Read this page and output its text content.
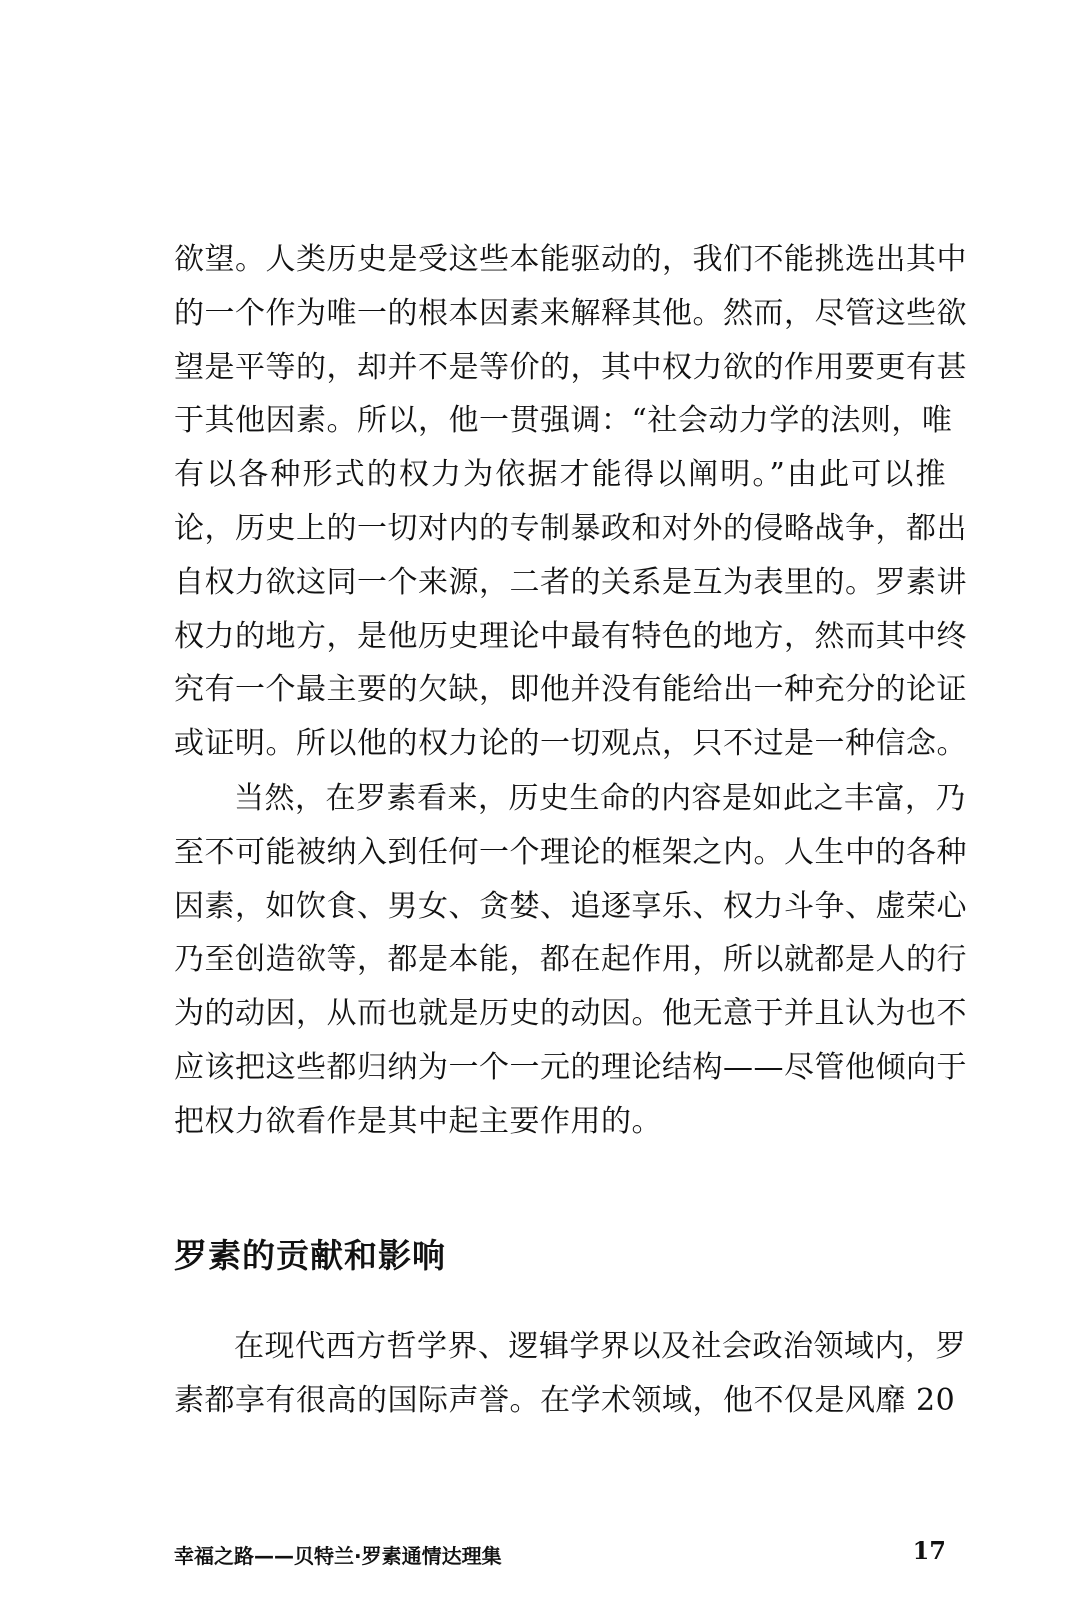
欲望。人类历史是受这些本能驱动的，我们不能挑选出其中
的一个作为唯一的根本因素来解释其他。然而，尽管这些欲
望是平等的，却并不是等价的，其中权力欲的作用要更有甚
于其他因素。所以，他一贯强调：“社会动力学的法则，唯
有以各种形式的权力为依据才能得以阐明。”由此可以推
论，历史上的一切对内的专制暴政和对外的侵略战争，都出
自权力欲这同一个来源，二者的关系是互为表里的。罗素讲
权力的地方，是他历史理论中最有特色的地方，然而其中终
究有一个最主要的欠缺，即他并没有能给出一种充分的论证
或证明。所以他的权力论的一切观点，只不过是一种信念。
当然，在罗素看来，历史生命的内容是如此之丰富，乃
至不可能被纳入到任何一个理论的框架之内。人生中的各种
因素，如饮食、男女、贪婪、追逐享乐、权力斗争、虚荣心
乃至创造欲等，都是本能，都在起作用，所以就都是人的行
为的动因，从而也就是历史的动因。他无意于并且认为也不
应该把这些都归纳为一个一元的理论结构——尽管他倾向于
把权力欲看作是其中起主要作用的。
罗素的贡献和影响
在现代西方哲学界、逻辑学界以及社会政治领域内，罗
素都享有很高的国际声誉。在学术领域，他不仅是风靡 20
幸福之路——贝特兰·罗素通情达理集	17
